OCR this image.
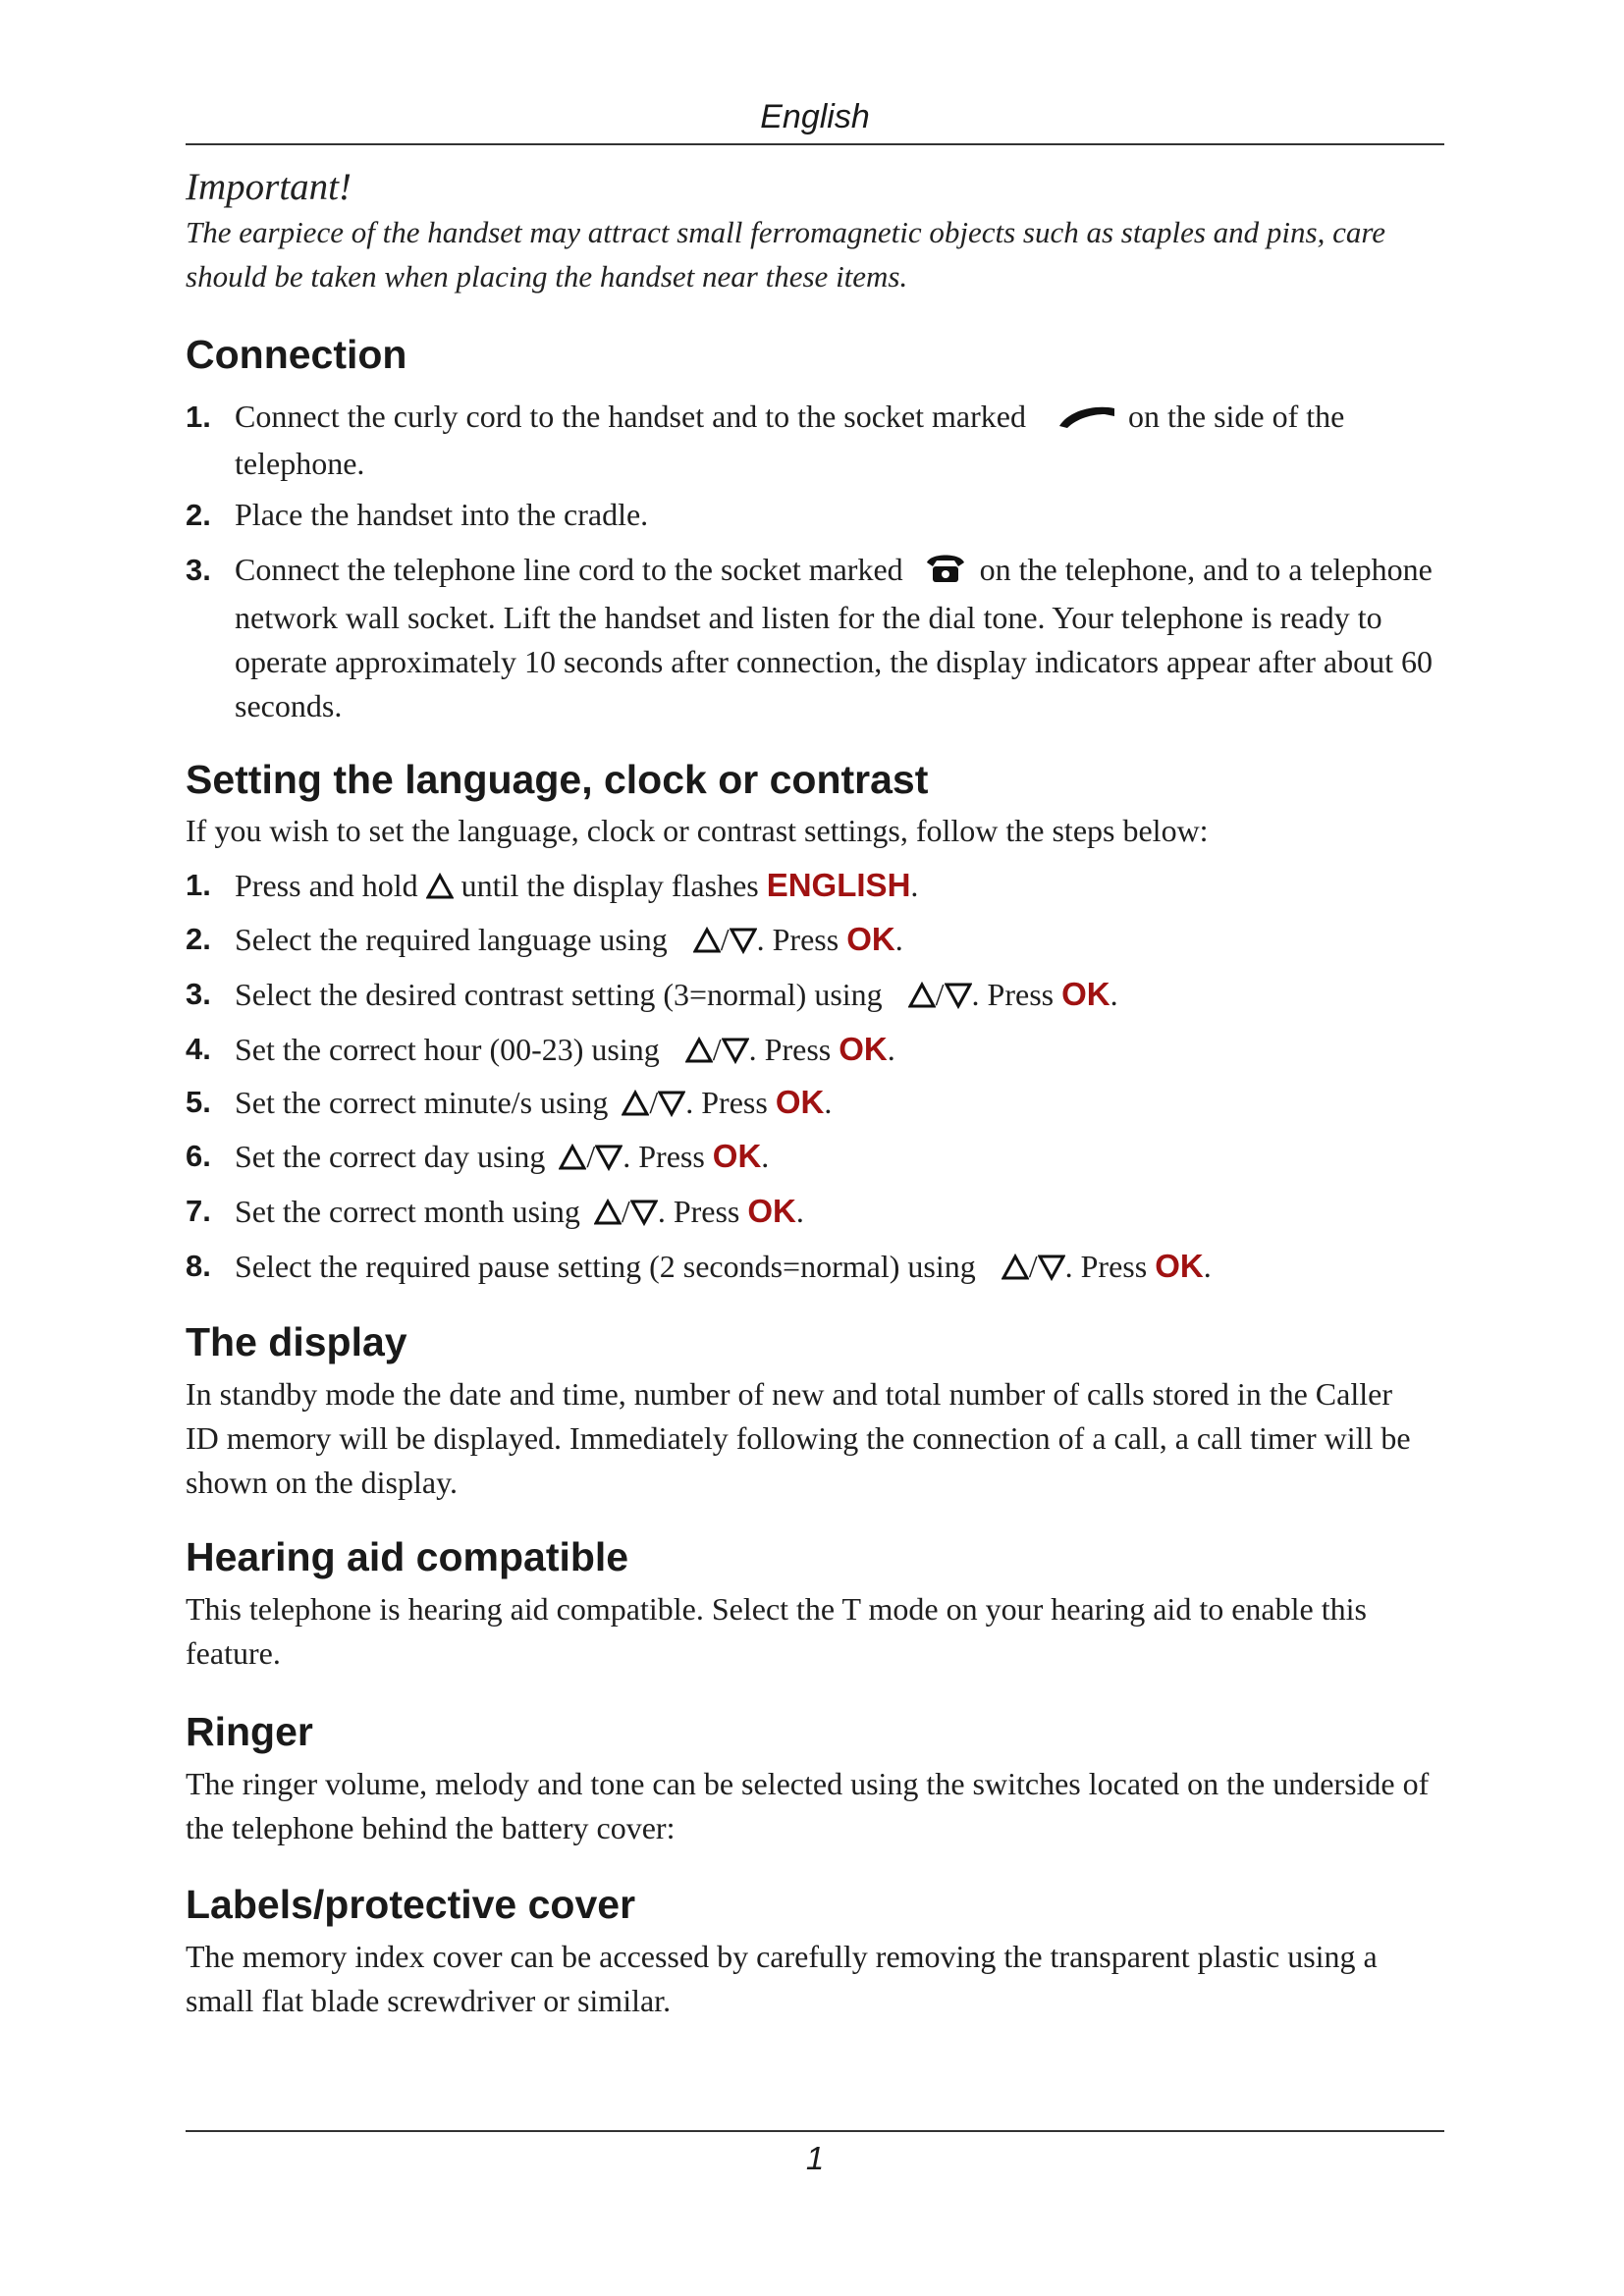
English
Important!
The earpiece of the handset may attract small ferromagnetic objects such as staples and pins, care should be taken when placing the handset near these items.
Connection
1. Connect the curly cord to the handset and to the socket marked	on the side of the telephone.
2. Place the handset into the cradle.
3. Connect the telephone line cord to the socket marked on the telephone, and to a telephone network wall socket. Lift the handset and listen for the dial tone. Your telephone is ready to operate approximately 10 seconds after connection, the display indicators appear after about 60 seconds.
Setting the language, clock or contrast
If you wish to set the language, clock or contrast settings, follow the steps below:
1. Press and hold until the display flashes ENGLISH.
2. Select the required language using / . Press OK.
3. Select the desired contrast setting (3=normal) using / . Press OK.
4. Set the correct hour (00-23) using / . Press OK.
5. Set the correct minute/s using / . Press OK.
6. Set the correct day using / . Press OK.
7. Set the correct month using / . Press OK.
8. Select the required pause setting (2 seconds=normal) using / . Press OK.
The display
In standby mode the date and time, number of new and total number of calls stored in the Caller ID memory will be displayed. Immediately following the connection of a call, a call timer will be shown on the display.
Hearing aid compatible
This telephone is hearing aid compatible. Select the T mode on your hearing aid to enable this feature.
Ringer
The ringer volume, melody and tone can be selected using the switches located on the underside of the telephone behind the battery cover:
Labels/protective cover
The memory index cover can be accessed by carefully removing the transparent plastic using a small flat blade screwdriver or similar.
1
